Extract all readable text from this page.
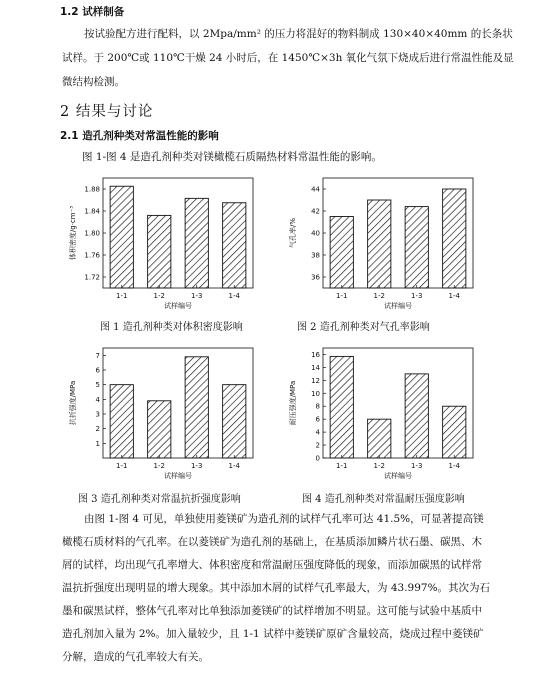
1.2 试样制备
按试验配方进行配料，以 2Mpa/mm² 的压力将混好的物料制成 130×40×40mm 的长条状
试样。于 200℃或 110℃干燥 24 小时后，在 1450℃×3h 氧化气氛下烧成后进行常温性能及显
微结构检测。
2 结果与讨论
2.1 造孔剂种类对常温性能的影响
图 1-图 4 是造孔剂种类对镁橄榄石质隔热材料常温性能的影响。
1.72
1.76
1.80
1.84
1.88
1-1	1-2	1-3	1-4
试样编号
体积密度/g·cm⁻³
36
38
40
42
44
1-1	1-2	1-3	1-4
试样编号
气孔率/%
1
2
3
4
5
6
7
1-1	1-2	1-3	1-4
试样编号
抗折强度/MPa
0
2
4
6
8
10
12
14
16
1-1	1-2	1-3	1-4
试样编号
耐压强度/MPa
图 1 造孔剂种类对体积密度影响	图 2 造孔剂种类对气孔率影响
图 3 造孔剂种类对常温抗折强度影响	图 4 造孔剂种类对常温耐压强度影响
由图 1-图 4 可见，单独使用菱镁矿为造孔剂的试样气孔率可达 41.5%，可显著提高镁
橄榄石质材料的气孔率。在以菱镁矿为造孔剂的基础上，在基质添加鳞片状石墨、碳黑、木
屑的试样，均出现气孔率增大、体积密度和常温耐压强度降低的现象，而添加碳黑的试样常
温抗折强度出现明显的增大现象。其中添加木屑的试样气孔率最大，为 43.997%。其次为石
墨和碳黑试样，整体气孔率对比单独添加菱镁矿的试样增加不明显。这可能与试验中基质中
造孔剂加入量为 2%。加入量较少，且 1-1 试样中菱镁矿原矿含量较高，烧成过程中菱镁矿
分解，造成的气孔率较大有关。
